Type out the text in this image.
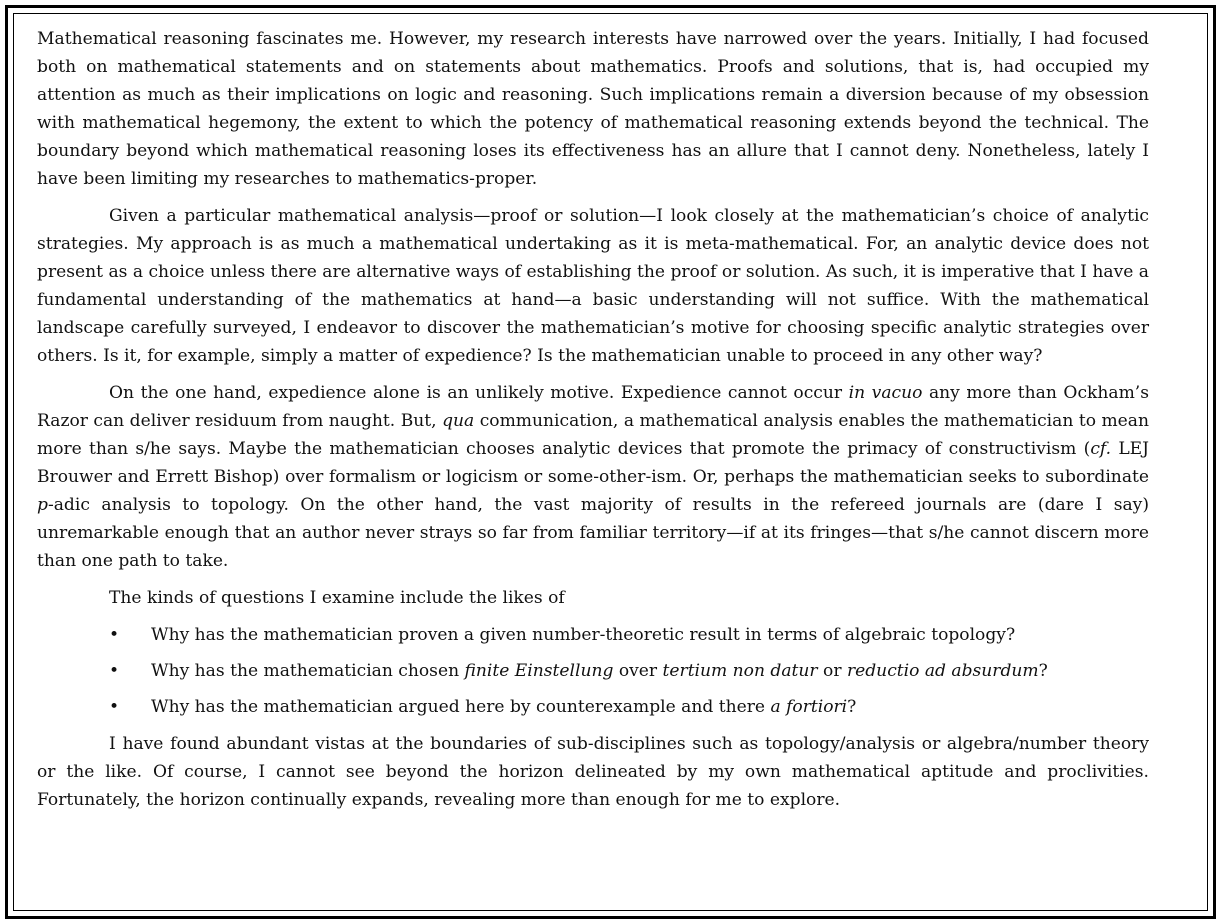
Mathematical reasoning fascinates me. However, my research interests have narrowed over the years. Initially, I had focused both on mathematical statements and on statements about mathematics. Proofs and solutions, that is, had occupied my attention as much as their implications on logic and reasoning. Such implications remain a diversion because of my obsession with mathematical hegemony, the extent to which the potency of mathematical reasoning extends beyond the technical. The boundary beyond which mathematical reasoning loses its effectiveness has an allure that I cannot deny. Nonetheless, lately I have been limiting my researches to mathematics-proper.

Given a particular mathematical analysis—proof or solution—I look closely at the mathematician’s choice of analytic strategies. My approach is as much a mathematical undertaking as it is meta-mathematical. For, an analytic device does not present as a choice unless there are alternative ways of establishing the proof or solution. As such, it is imperative that I have a fundamental understanding of the mathematics at hand—a basic understanding will not suffice. With the mathematical landscape carefully surveyed, I endeavor to discover the mathematician’s motive for choosing specific analytic strategies over others. Is it, for example, simply a matter of expedience? Is the mathematician unable to proceed in any other way?

On the one hand, expedience alone is an unlikely motive. Expedience cannot occur in vacuo any more than Ockham’s Razor can deliver residuum from naught. But, qua communication, a mathematical analysis enables the mathematician to mean more than s/he says. Maybe the mathematician chooses analytic devices that promote the primacy of constructivism (cf. LEJ Brouwer and Errett Bishop) over formalism or logicism or some-other-ism. Or, perhaps the mathematician seeks to subordinate p-adic analysis to topology. On the other hand, the vast majority of results in the refereed journals are (dare I say) unremarkable enough that an author never strays so far from familiar territory—if at its fringes—that s/he cannot discern more than one path to take.

The kinds of questions I examine include the likes of

• Why has the mathematician proven a given number-theoretic result in terms of algebraic topology?
• Why has the mathematician chosen finite Einstellung over tertium non datur or reductio ad absurdum?
• Why has the mathematician argued here by counterexample and there a fortiori?

I have found abundant vistas at the boundaries of sub-disciplines such as topology/analysis or algebra/number theory or the like. Of course, I cannot see beyond the horizon delineated by my own mathematical aptitude and proclivities. Fortunately, the horizon continually expands, revealing more than enough for me to explore.
